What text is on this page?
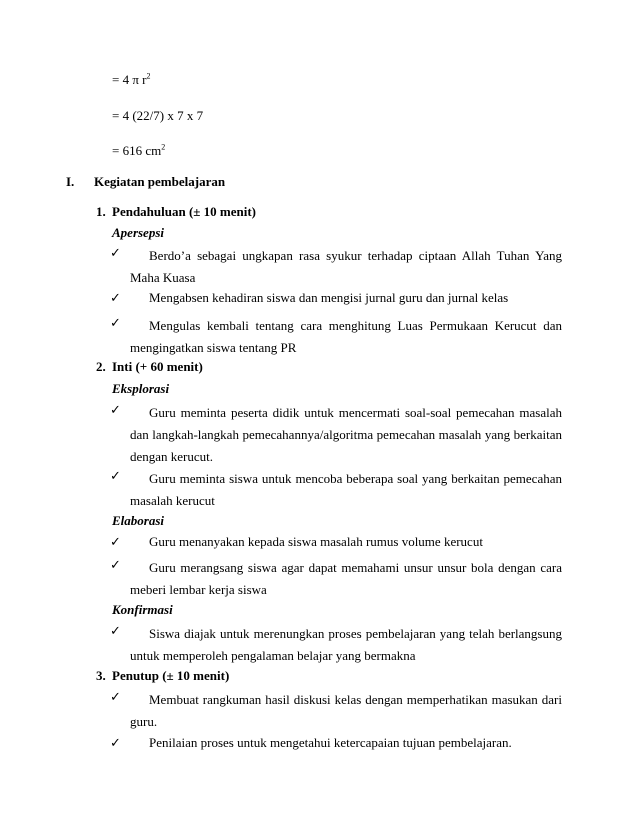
= 4 π $r^2$
= 4 (22/7) x 7 x 7
= 616 $cm^2$
I. Kegiatan pembelajaran
1. Pendahuluan (± 10 menit)
Apersepsi
✓	Berdo’a sebagai ungkapan rasa syukur terhadap ciptaan Allah Tuhan Yang Maha Kuasa
✓	Mengabsen kehadiran siswa dan mengisi jurnal guru dan jurnal kelas
✓	Mengulas kembali tentang cara menghitung Luas Permukaan Kerucut dan mengingatkan siswa tentang PR
2. Inti (+ 60 menit)
Eksplorasi
✓	Guru meminta peserta didik untuk mencermati soal-soal pemecahan masalah dan langkah-langkah pemecahannya/algoritma pemecahan masalah yang berkaitan dengan kerucut.
✓	Guru meminta siswa untuk mencoba beberapa soal yang berkaitan pemecahan masalah kerucut
Elaborasi
✓	Guru menanyakan kepada siswa masalah rumus volume kerucut
✓	Guru merangsang siswa agar dapat memahami unsur unsur bola dengan cara meberi lembar kerja siswa
Konfirmasi
✓	Siswa diajak untuk merenungkan proses pembelajaran yang telah berlangsung untuk memperoleh pengalaman belajar yang bermakna
3. Penutup (± 10 menit)
✓	Membuat rangkuman hasil diskusi kelas dengan memperhatikan masukan dari guru.
✓	Penilaian proses untuk mengetahui ketercapaian tujuan pembelajaran.
